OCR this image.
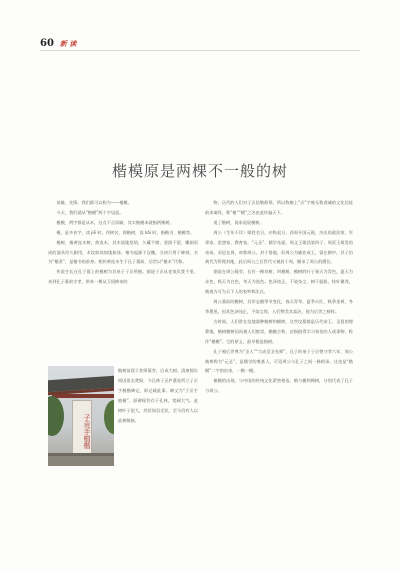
60 新 读
楷模原是两棵不一般的树

英雄、先锋，我们都可以称为——楷模。

今天，我们就从“楷模”两个字谈起。

楷模，两字都是从木，这点不言而喻，其实楷模本就指两棵树。

楷，是多音字，读 jiē 时，作树名，即楷树，读 kǎi 时，指楷书、楷模等。

楷树，指黄连木树。黄连木，其木质地坚韧，久藏不腐，坚润不裂，雕刻而成的器具经久耐用，木纹如丝如缕如泽。楷书起源于汉魏，当初只用于碑刻，名为“楷隶”，是楷书的前身。相传黄连木生于孔子墓前，后世以“楷木”代称。

传说生长在孔子墓上的楷树为其弟子子贡所植。据说子贡从老家负笈千里，来到孔子墓前守孝，带来一棵从卫国捧来的

子贡手植楷

楷树苗栽于其师墓旁，后成大树。清康熙年间因雷击焚毁，今孔林子贡庐墓处所立子贡手植楷碑记，即记载此事。碑文为“子贡手植楷”，原碑现仍存于孔林，宽阔大气。此树叶子很大，形状如羽毛状，至今仍有人以此树嫁接。

物，历代的人们对子贡倍敬仰慕，所以称楷上“贡”字被无数虔诚的文化信徒前来谒拜，称“楷”“模”之名由此传遍天下。

说了楷树，再来说说模树。

周公（生年不详）姬姓名旦，亦称叔旦。西周开国元勋，杰出的政治家、军事家、思想家、教育家，“元圣”、儒学先驱。周文王姬昌第四子，周武王姬发的弟弟。采邑在周，故称周公。封于鲁地，但周公为辅佐成王，留在朝中，其子伯禽代为管理封地，此后周公之后世代又被封于周，继承了周公的爵位。

据说在周公墓旁，长有一棵奇树，叫模树。模树的叶子春天为青色，夏天为赤色，秋天为白色，冬天为黑色。色泽纯正，不染杂尘，树干挺拔，枝叶繁茂，被视为可为天下人的表率和法式。

周公墓前的模树，其形态随季节变化，春天青翠，夏季火红，秋季金黄，冬季墨黑，因其色泽纯正，不染尘埃，人们赞美其高洁，视为后世之榜样。

古时候，人们常在坟地栽种楷树和模树，这些坟墓都是历代帝王、圣贤的埋葬地。楷树模树因而被人们推崇，楷模合称，泛指值得学习效仿的人或事物，称作“楷模”。它的原义，最早便是指树。

孔子被后世尊为“圣人”“大成至圣先师”，孔子的弟子子贡曾守孝六年，周公被尊称为“元圣”，是儒学的奠基人。可见周公与孔子之间一脉相承。这也是“楷模”二字的由来，一楷一模。

楷模的出现，与中国的传统文化紧密相连。楷与模两棵树，分别代表了孔子与周公。
